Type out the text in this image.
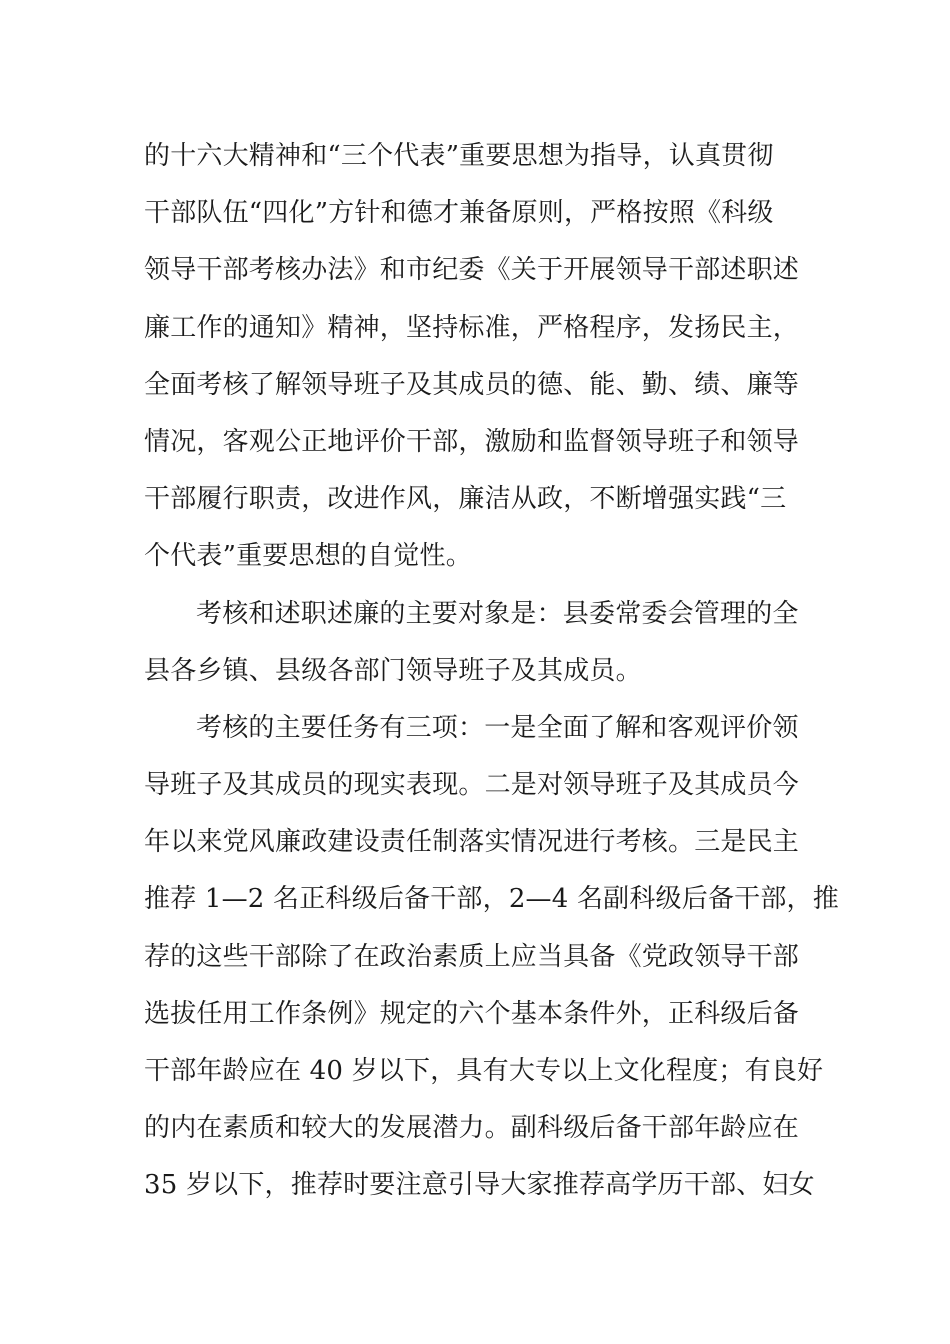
的十六大精神和“三个代表”重要思想为指导，认真贯彻
干部队伍“四化”方针和德才兼备原则，严格按照《科级
领导干部考核办法》和市纪委《关于开展领导干部述职述
廉工作的通知》精神，坚持标准，严格程序，发扬民主，
全面考核了解领导班子及其成员的德、能、勤、绩、廉等
情况，客观公正地评价干部，激励和监督领导班子和领导
干部履行职责，改进作风，廉洁从政，不断增强实践“三
个代表”重要思想的自觉性。
考核和述职述廉的主要对象是：县委常委会管理的全
县各乡镇、县级各部门领导班子及其成员。
考核的主要任务有三项：一是全面了解和客观评价领
导班子及其成员的现实表现。二是对领导班子及其成员今
年以来党风廉政建设责任制落实情况进行考核。三是民主
推荐 1—2 名正科级后备干部，2—4 名副科级后备干部，推
荐的这些干部除了在政治素质上应当具备《党政领导干部
选拔任用工作条例》规定的六个基本条件外，正科级后备
干部年龄应在 40 岁以下，具有大专以上文化程度；有良好
的内在素质和较大的发展潜力。副科级后备干部年龄应在
35 岁以下，推荐时要注意引导大家推荐高学历干部、妇女
